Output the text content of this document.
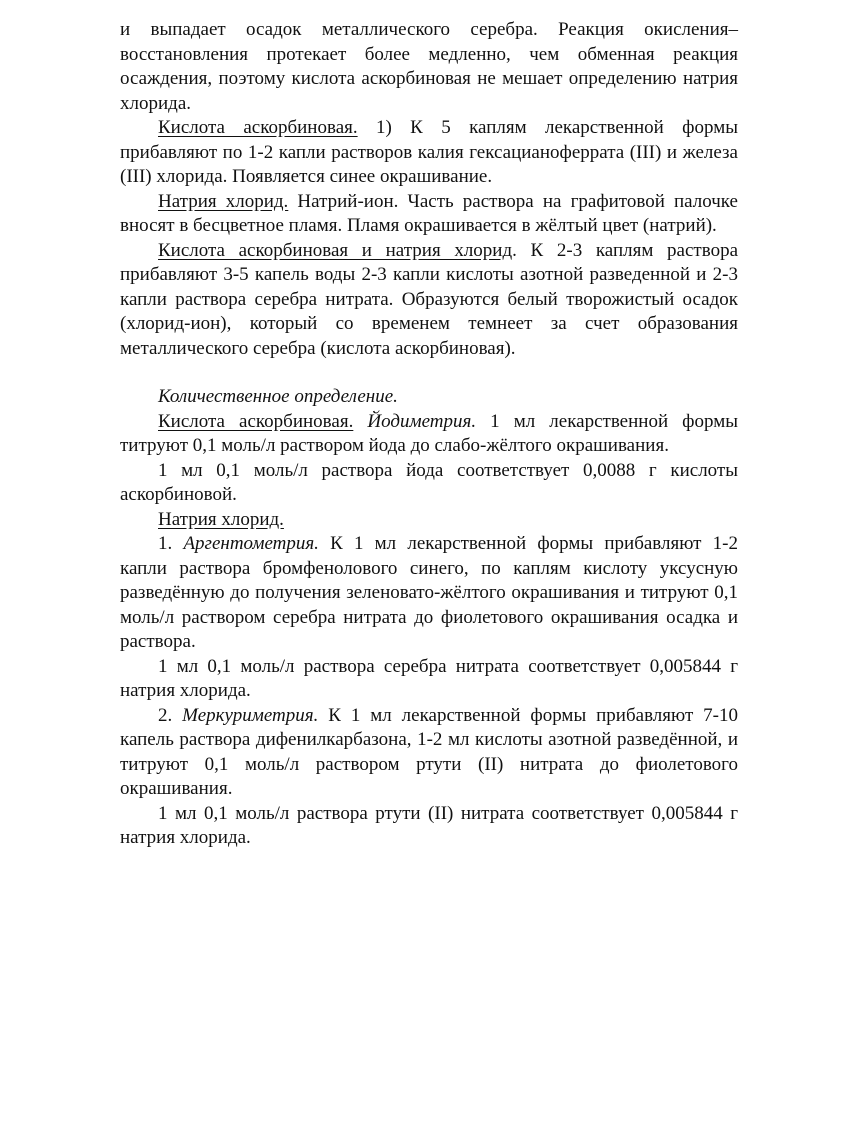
и выпадает осадок металлического серебра. Реакция окисления–восстановления протекает более медленно, чем обменная реакция осаждения, поэтому кислота аскорбиновая не мешает определению натрия хлорида.

Кислота аскорбиновая. 1) К 5 каплям лекарственной формы прибавляют по 1-2 капли растворов калия гексацианоферрата (III) и железа (III) хлорида. Появляется синее окрашивание.

Натрия хлорид. Натрий-ион. Часть раствора на графитовой палочке вносят в бесцветное пламя. Пламя окрашивается в жёлтый цвет (натрий).

Кислота аскорбиновая и натрия хлорид. К 2-3 каплям раствора прибавляют 3-5 капель воды 2-3 капли кислоты азотной разведенной и 2-3 капли раствора серебра нитрата. Образуются белый творожистый осадок (хлорид-ион), который со временем темнеет за счет образования металлического серебра (кислота аскорбиновая).

Количественное определение.

Кислота аскорбиновая. Йодиметрия. 1 мл лекарственной формы титруют 0,1 моль/л раствором йода до слабо-жёлтого окрашивания.

1 мл 0,1 моль/л раствора йода соответствует 0,0088 г кислоты аскорбиновой.

Натрия хлорид.

1. Аргентометрия. К 1 мл лекарственной формы прибавляют 1-2 капли раствора бромфенолового синего, по каплям кислоту уксусную разведённую до получения зеленовато-жёлтого окрашивания и титруют 0,1 моль/л раствором серебра нитрата до фиолетового окрашивания осадка и раствора.

1 мл 0,1 моль/л раствора серебра нитрата соответствует 0,005844 г натрия хлорида.

2. Меркуриметрия. К 1 мл лекарственной формы прибавляют 7-10 капель раствора дифенилкарбазона, 1-2 мл кислоты азотной разведённой, и титруют 0,1 моль/л раствором ртути (II) нитрата до фиолетового окрашивания.

1 мл 0,1 моль/л раствора ртути (II) нитрата соответствует 0,005844 г натрия хлорида.
